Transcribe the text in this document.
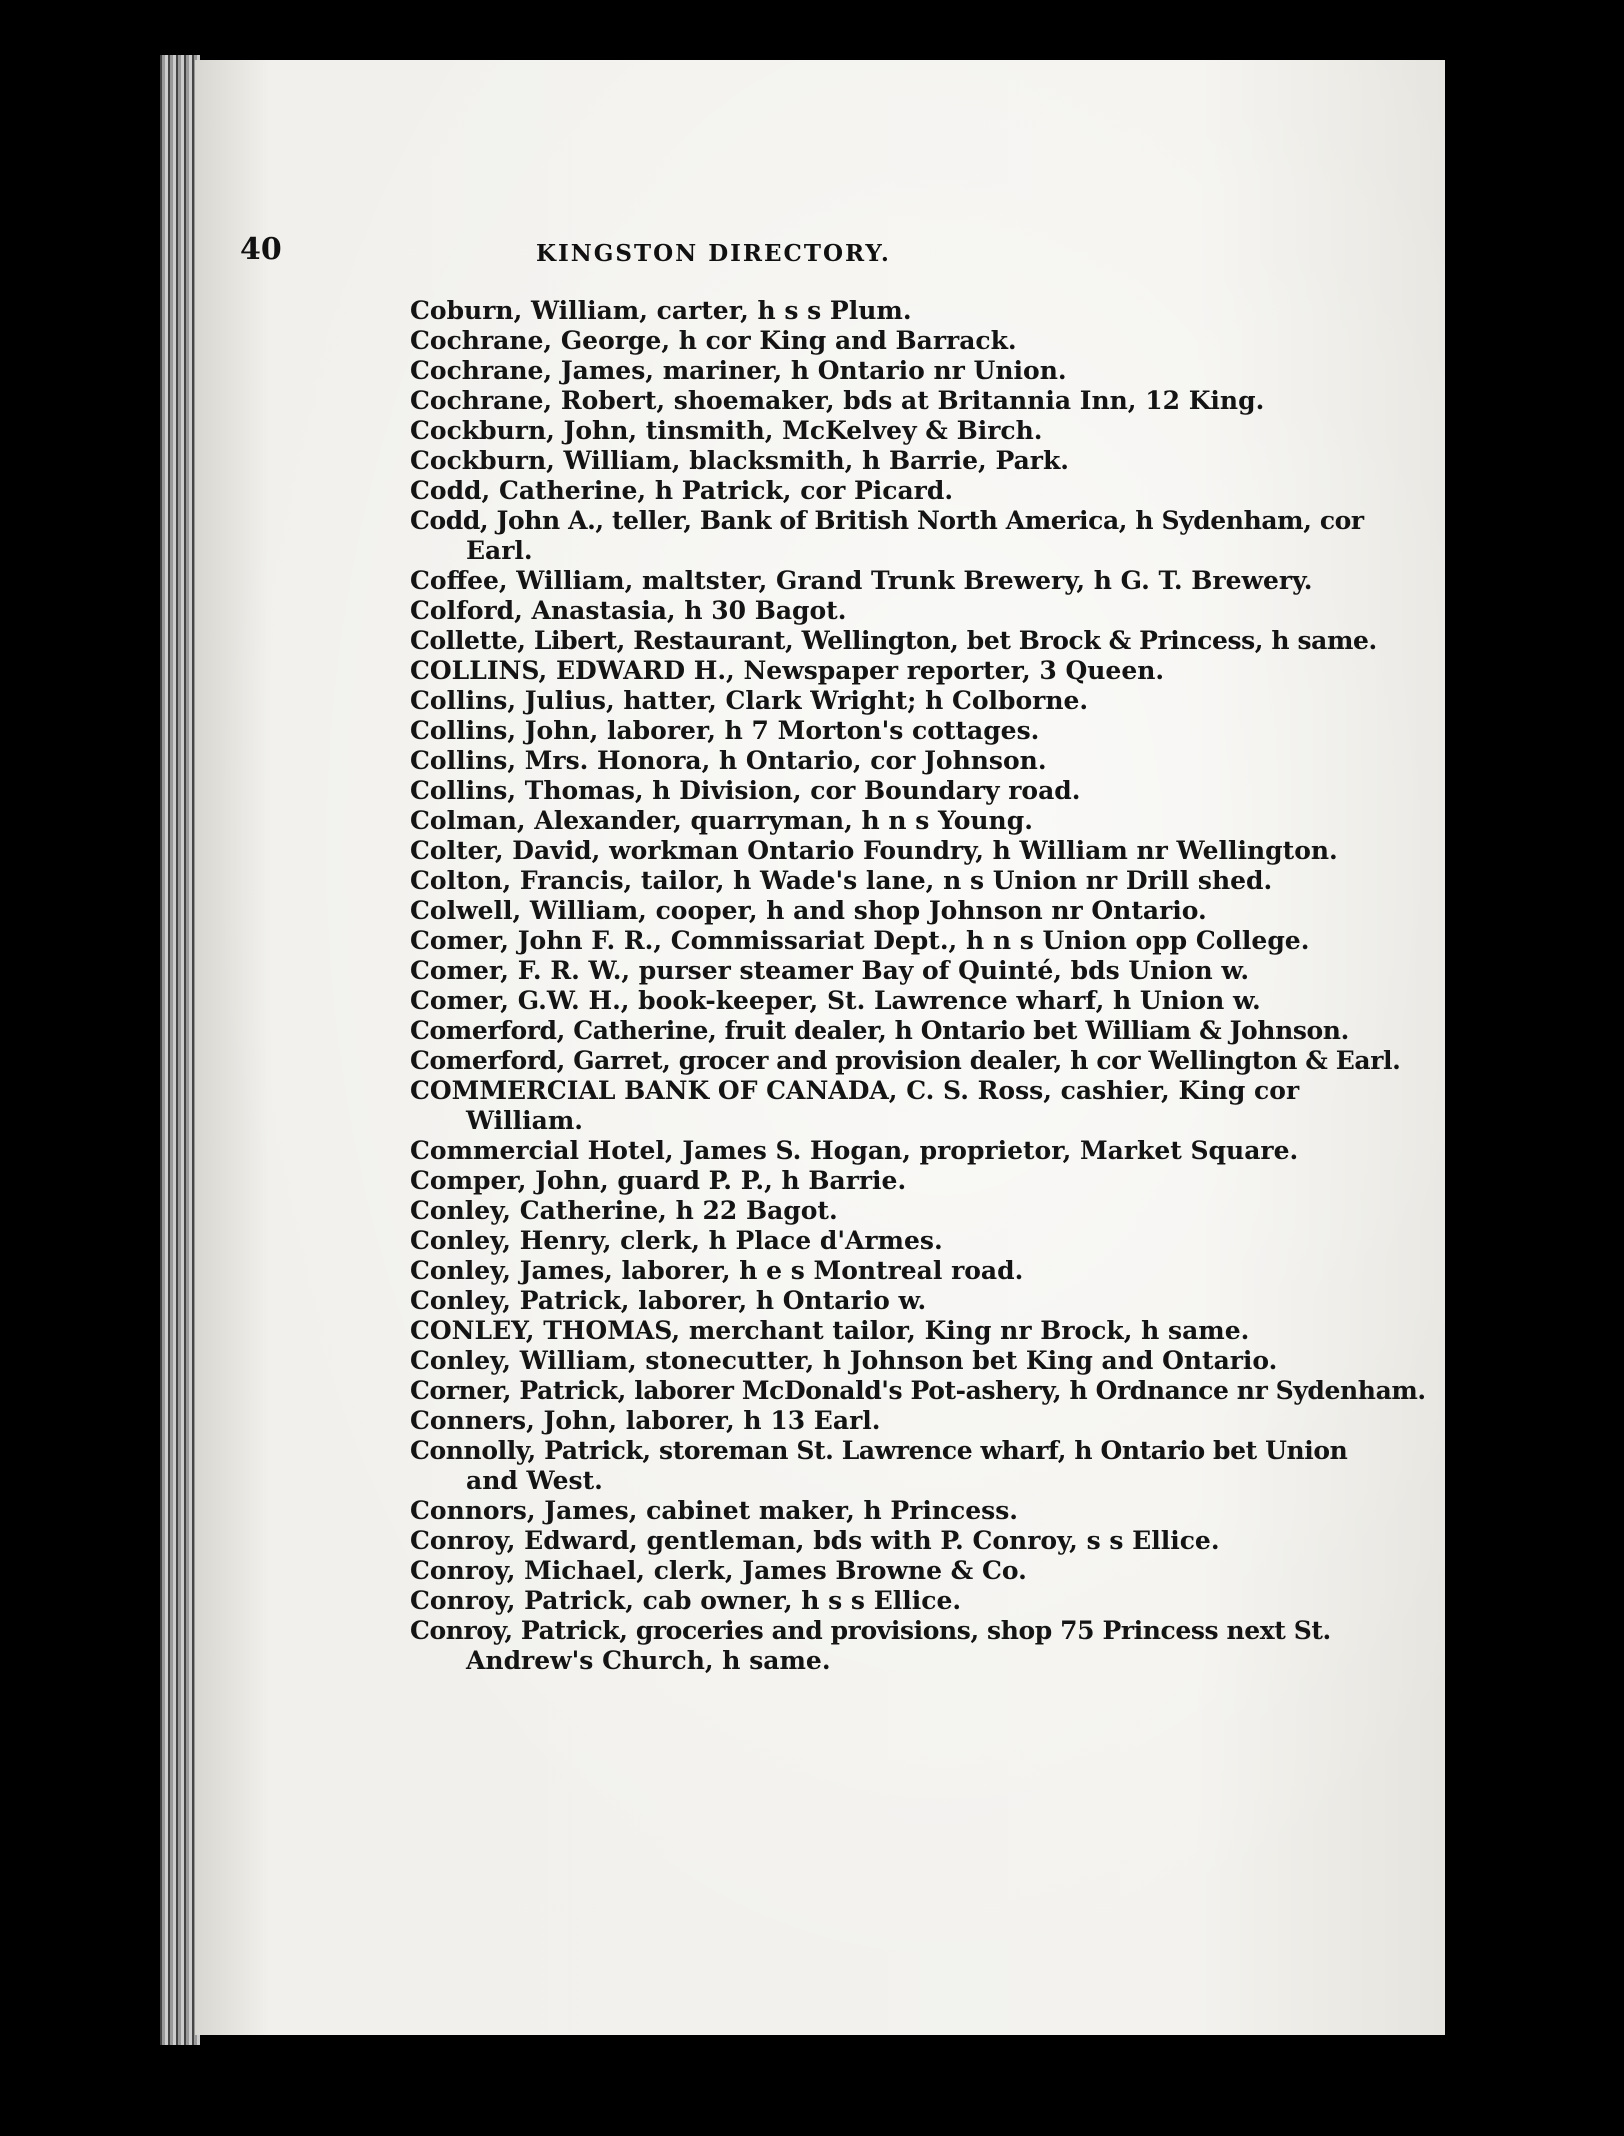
40	KINGSTON DIRECTORY.
Coburn, William, carter, h s s Plum.
Cochrane, George, h cor King and Barrack.
Cochrane, James, mariner, h Ontario nr Union.
Cochrane, Robert, shoemaker, bds at Britannia Inn, 12 King.
Cockburn, John, tinsmith, McKelvey & Birch.
Cockburn, William, blacksmith, h Barrie, Park.
Codd, Catherine, h Patrick, cor Picard.
Codd, John A., teller, Bank of British North America, h Sydenham, cor
Earl.
Coffee, William, maltster, Grand Trunk Brewery, h G. T. Brewery.
Colford, Anastasia, h 30 Bagot.
Collette, Libert, Restaurant, Wellington, bet Brock & Princess, h same.
COLLINS, EDWARD H., Newspaper reporter, 3 Queen.
Collins, Julius, hatter, Clark Wright; h Colborne.
Collins, John, laborer, h 7 Morton's cottages.
Collins, Mrs. Honora, h Ontario, cor Johnson.
Collins, Thomas, h Division, cor Boundary road.
Colman, Alexander, quarryman, h n s Young.
Colter, David, workman Ontario Foundry, h William nr Wellington.
Colton, Francis, tailor, h Wade's lane, n s Union nr Drill shed.
Colwell, William, cooper, h and shop Johnson nr Ontario.
Comer, John F. R., Commissariat Dept., h n s Union opp College.
Comer, F. R. W., purser steamer Bay of Quinté, bds Union w.
Comer, G.W. H., book-keeper, St. Lawrence wharf, h Union w.
Comerford, Catherine, fruit dealer, h Ontario bet William & Johnson.
Comerford, Garret, grocer and provision dealer, h cor Wellington & Earl.
COMMERCIAL BANK OF CANADA, C. S. Ross, cashier, King cor
William.
Commercial Hotel, James S. Hogan, proprietor, Market Square.
Comper, John, guard P. P., h Barrie.
Conley, Catherine, h 22 Bagot.
Conley, Henry, clerk, h Place d'Armes.
Conley, James, laborer, h e s Montreal road.
Conley, Patrick, laborer, h Ontario w.
CONLEY, THOMAS, merchant tailor, King nr Brock, h same.
Conley, William, stonecutter, h Johnson bet King and Ontario.
Corner, Patrick, laborer McDonald's Pot-ashery, h Ordnance nr Sydenham.
Conners, John, laborer, h 13 Earl.
Connolly, Patrick, storeman St. Lawrence wharf, h Ontario bet Union
and West.
Connors, James, cabinet maker, h Princess.
Conroy, Edward, gentleman, bds with P. Conroy, s s Ellice.
Conroy, Michael, clerk, James Browne & Co.
Conroy, Patrick, cab owner, h s s Ellice.
Conroy, Patrick, groceries and provisions, shop 75 Princess next St.
Andrew's Church, h same.
